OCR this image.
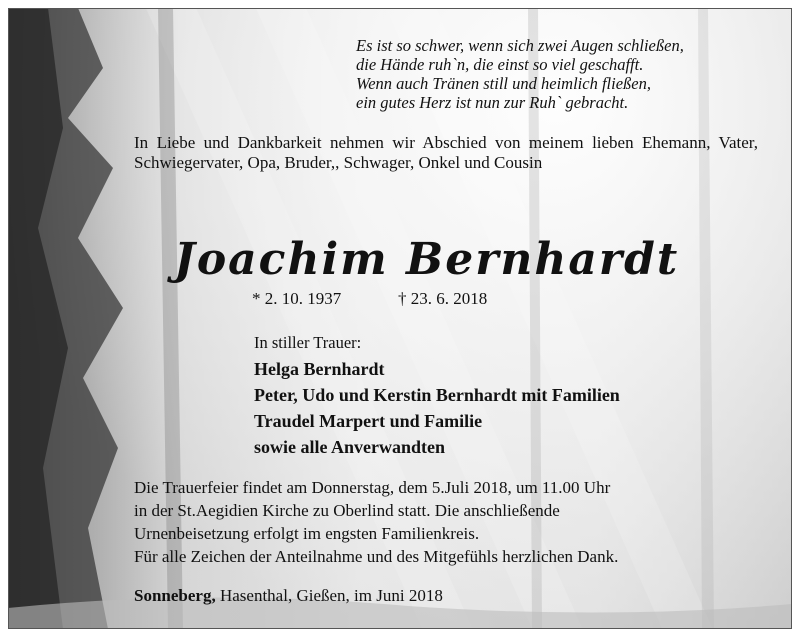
Es ist so schwer, wenn sich zwei Augen schließen,
die Hände ruh`n, die einst so viel geschafft.
Wenn auch Tränen still und heimlich fließen,
ein gutes Herz ist nun zur Ruh` gebracht.
In Liebe und Dankbarkeit nehmen wir Abschied von meinem lieben Ehemann, Vater, Schwiegervater, Opa, Bruder,, Schwager, Onkel und Cousin
Joachim Bernhardt
* 2. 10. 1937	† 23. 6. 2018
In stiller Trauer:
Helga Bernhardt
Peter, Udo und Kerstin Bernhardt mit Familien
Traudel Marpert und Familie
sowie alle Anverwandten
Die Trauerfeier findet am Donnerstag, dem 5.Juli 2018, um 11.00 Uhr
in der St.Aegidien Kirche zu Oberlind statt. Die anschließende
Urnenbeisetzung erfolgt im engsten Familienkreis.
Für alle Zeichen der Anteilnahme und des Mitgefühls herzlichen Dank.
Sonneberg, Hasenthal, Gießen, im Juni 2018
